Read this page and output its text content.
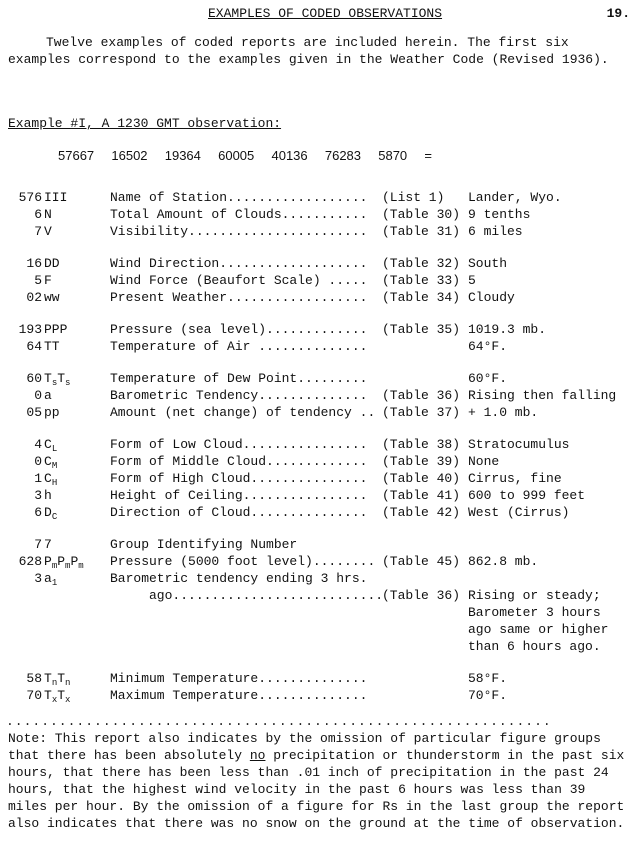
EXAMPLES OF CODED OBSERVATIONS	19.
Twelve examples of coded reports are included herein. The first six examples correspond to the examples given in the Weather Code (Revised 1936).
Example #I, A 1230 GMT observation:
57667  16502  19364  60005  40136  76283  5870  =
576 III	Name of Station.................. (List 1) Lander, Wyo.
6 N	Total Amount of Clouds........... (Table 30) 9 tenths
7 V	Visibility....................... (Table 31) 6 miles
16 DD	Wind Direction................... (Table 32) South
5 F	Wind Force (Beaufort Scale) ..... (Table 33) 5
02 ww	Present Weather.................. (Table 34) Cloudy
193 PPP	Pressure (sea level)............. (Table 35) 1019.3 mb.
64 TT	Temperature of Air ..............	64°F.
60 $T_sT_s$	Temperature of Dew Point.........	60°F.
0 a	Barometric Tendency.............. (Table 36) Rising then falling
05 pp	Amount (net change) of tendency .. (Table 37) + 1.0 mb.
4 $C_L$	Form of Low Cloud................ (Table 38) Stratocumulus
0 $C_M$	Form of Middle Cloud............. (Table 39) None
1 $C_H$	Form of High Cloud............... (Table 40) Cirrus, fine
3 h	Height of Ceiling................ (Table 41) 600 to 999 feet
6 $D_C$	Direction of Cloud............... (Table 42) West (Cirrus)
7 7	Group Identifying Number
628 $P_mP_mP_m$ Pressure (5000 foot level)........ (Table 45) 862.8 mb.
3 $a_1$	Barometric tendency ending 3 hrs.
ago...........................
(Table 36) Rising or steady;
Barometer 3 hours
ago same or higher
than 6 hours ago.
58 $T_nT_n$	Minimum Temperature..............	58°F.
70 $T_xT_x$	Maximum Temperature..............	70°F.
..............................................................
Note: This report also indicates by the omission of particular figure groups that there has been absolutely no precipitation or thunderstorm in the past six hours, that there has been less than .01 inch of precipitation in the past 24 hours, that the highest wind velocity in the past 6 hours was less than 39 miles per hour. By the omission of a figure for Rs in the last group the report also indicates that there was no snow on the ground at the time of observation.
